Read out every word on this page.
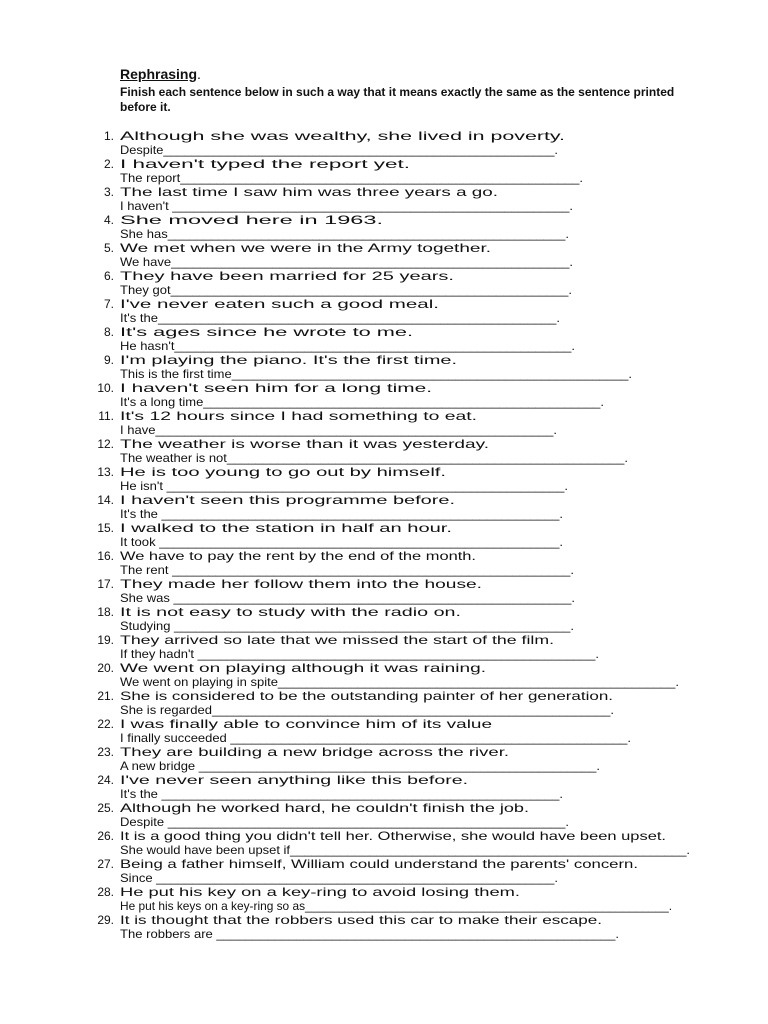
Rephrasing.
Finish each sentence below in such a way that it means exactly the same as the sentence printed before it.
1. Although she was wealthy, she lived in poverty.
Despite_______________________________________________________.
2. I haven't typed the report yet.
The report_______________________________________________________.
3. The last time I saw him was three years a go.
I haven't _______________________________________________________.
4. She moved here in 1963.
She has_______________________________________________________.
5. We met when we were in the Army together.
We have_______________________________________________________.
6. They have been married for 25 years.
They got_______________________________________________________.
7. I've never eaten such a good meal.
It's the_______________________________________________________.
8. It's ages since he wrote to me.
He hasn't_______________________________________________________.
9. I'm playing the piano. It's the first time.
This is the first time_______________________________________________________.
10. I haven't seen him for a long time.
It's a long time_______________________________________________________.
11. It's 12 hours since I had something to eat.
I have_______________________________________________________.
12. The weather is worse than it was yesterday.
The weather is not_______________________________________________________.
13. He is too young to go out by himself.
He isn't _______________________________________________________.
14. I haven't seen this programme before.
It's the _______________________________________________________.
15. I walked to the station in half an hour.
It took _______________________________________________________.
16. We have to pay the rent by the end of the month.
The rent _______________________________________________________.
17. They made her follow them into the house.
She was _______________________________________________________.
18. It is not easy to study with the radio on.
Studying _______________________________________________________.
19. They arrived so late that we missed the start of the film.
If they hadn't _______________________________________________________.
20. We went on playing although it was raining.
We went on playing in spite_______________________________________________________.
21. She is considered to be the outstanding painter of her generation.
She is regarded_______________________________________________________.
22. I was finally able to convince him of its value
I finally succeeded _______________________________________________________.
23. They are building a new bridge across the river.
A new bridge _______________________________________________________.
24. I've never seen anything like this before.
It's the _______________________________________________________.
25. Although he worked hard, he couldn't finish the job.
Despite _______________________________________________________.
26. It is a good thing you didn't tell her. Otherwise, she would have been upset.
She would have been upset if_______________________________________________________.
27. Being a father himself, William could understand the parents' concern.
Since _______________________________________________________.
28. He put his key on a key-ring to avoid losing them.
He put his keys on a key-ring so as_______________________________________________________.
29. It is thought that the robbers used this car to make their escape.
The robbers are _______________________________________________________.
